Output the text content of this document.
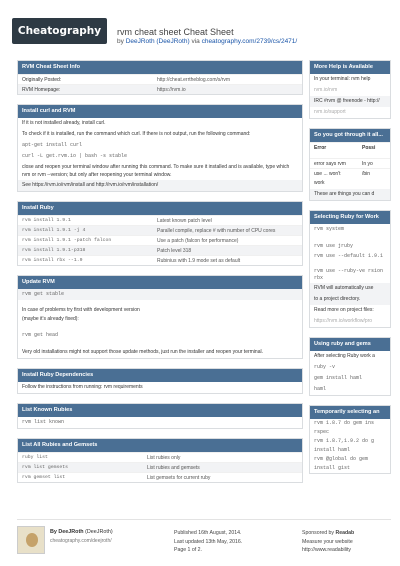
Cheatography	rvm cheat sheet Cheat Sheet
by DeeJRoth (DeeJRoth) via cheatography.com/2739/cs/2471/
RVM Cheat Sheet Info
Originally Posted:	http://cheat.errtheblog.com/s/rvm
RVM Homepage:	https://rvm.io
Install curl and RVM
If it is not installed already, install curl.
To check if it is installed, run the command which curl. If there is not output, run the following command:
apt-get install curl
curl -L get.rvm.io | bash -s stable
close and reopen your terminal window after running this command. To make sure it installed and is available, type which rvm or rvm --version; but only after reopening your terminal window.
See https://rvm.io/rvm/install and http://rvm.io/rvm/installation/
Install Ruby
rvm install 1.9.1	Latest known patch level
rvm install 1.9.1 -j 4	Parallel compile, replace # with number of CPU cores
rvm install 1.9.1 -patch falcon	Use a patch (falcon for performance)
rvm install 1.9.1-p318	Patch level 318
rvm install rbx --1.9	Rubinius with 1.9 mode set as default
Update RVM
rvm get stable
In case of problems try first with development version
(maybe it's already fixed):
rvm get head
Very old installations might not support those update methods, just run the installer and reopen your terminal.
Install Ruby Dependencies
Follow the instructions from running: rvm requirements
List Known Rubies
rvm list known
List All Rubies and Gemsets
ruby list	List rubies only
rvm list gemsets	List rubies and gemsets
rvm gemset list	List gemsets for current ruby
More Help is Available
In your terminal: rvm help
rvm.io/rvm
IRC #rvm @ freenode - http://
rvm.io/support
So you got through it all...
Error	Possi
error says rvm	In yo
use ... won't	/bin
work
These are things you can d
Selecting Ruby for Work
rvm system
rvm use jruby
rvm use --default 1.9.1
rvm use --ruby-ve rsion rbx
RVM will automatically use
to a project directory.
Read more on project files:
https://rvm.io/workflow/pro
Using ruby and gems
After selecting Ruby work a
ruby -v
gem install haml
haml
Temporarily selecting an
rvm 1.8.7 do gem ins
rspec
rvm 1.8.7,1.9.2 do g
install haml
rvm @global do gem
install gist
By DeeJRoth (DeeJRoth)
cheatography.com/deejroth/
Published 16th August, 2014.
Last updated 13th May, 2016.
Page 1 of 2.
Sponsored by Readab
Measure your website
http://www.readability
